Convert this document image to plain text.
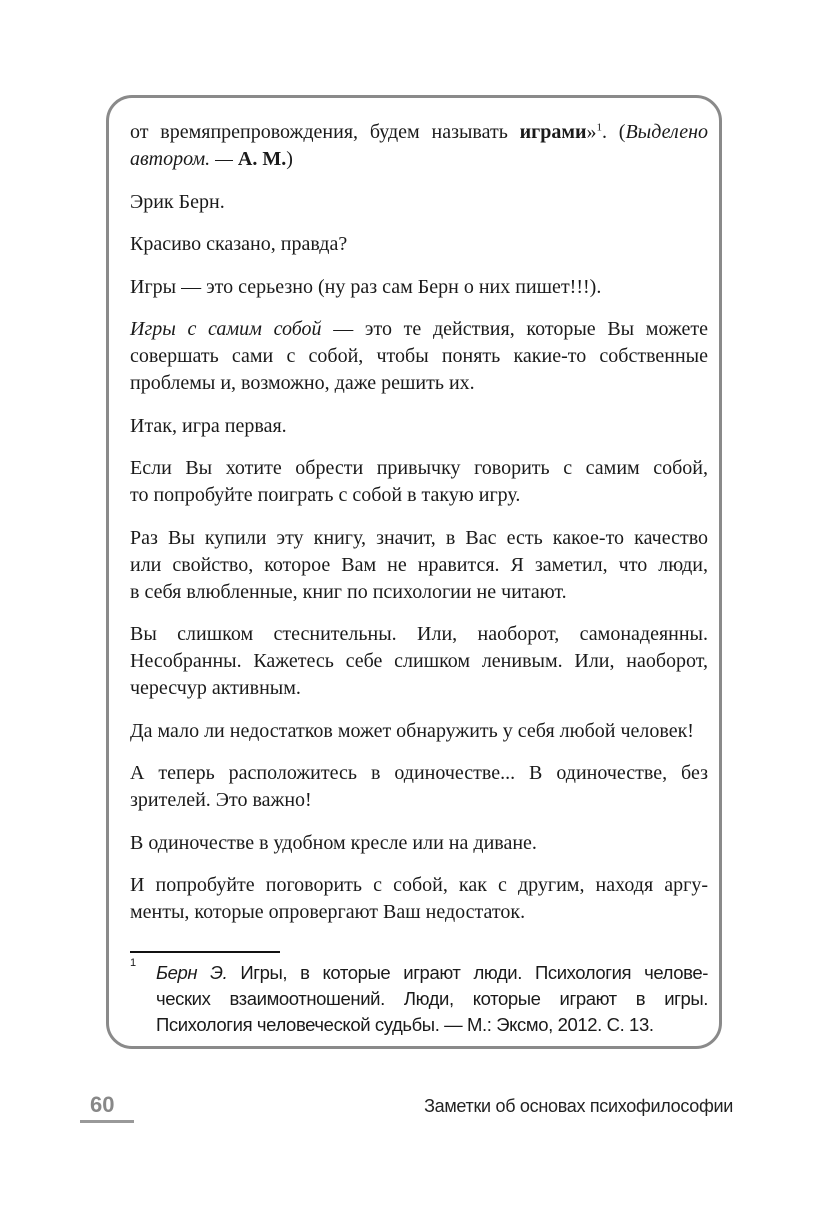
от времяпрепровождения, будем называть играми»$^1$. (Выделено
автором. — А. М.)
Эрик Берн.
Красиво сказано, правда?
Игры — это серьезно (ну раз сам Берн о них пишет!!!).
Игры с самим собой — это те действия, которые Вы можете
совершать сами с собой, чтобы понять какие-то собственные
проблемы и, возможно, даже решить их.
Итак, игра первая.
Если Вы хотите обрести привычку говорить с самим собой,
то попробуйте поиграть с собой в такую игру.
Раз Вы купили эту книгу, значит, в Вас есть какое-то качество
или свойство, которое Вам не нравится. Я заметил, что люди,
в себя влюбленные, книг по психологии не читают.
Вы слишком стеснительны. Или, наоборот, самонадеянны.
Несобранны. Кажетесь себе слишком ленивым. Или, наоборот,
чересчур активным.
Да мало ли недостатков может обнаружить у себя любой человек!
А теперь расположитесь в одиночестве... В одиночестве, без
зрителей. Это важно!
В одиночестве в удобном кресле или на диване.
И попробуйте поговорить с собой, как с другим, находя аргу-
менты, которые опровергают Ваш недостаток.
1 Берн Э. Игры, в которые играют люди. Психология челове-
ческих взаимоотношений. Люди, которые играют в игры.
Психология человеческой судьбы. — М.: Эксмо, 2012. С. 13.
60	Заметки об основах психофилософии
